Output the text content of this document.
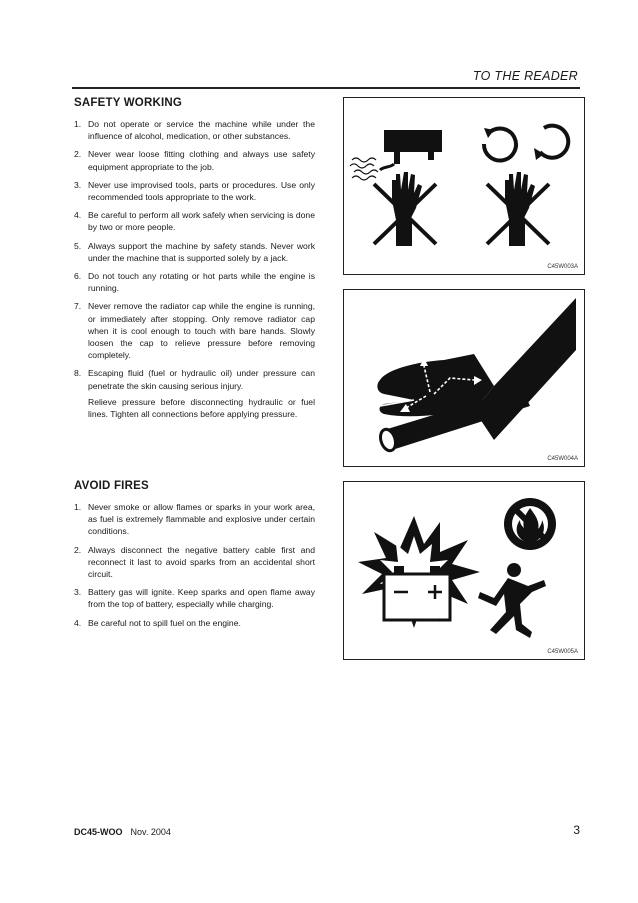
TO THE READER
SAFETY WORKING
1. Do not operate or service the machine while under the influence of alcohol, medication, or other substances.
2. Never wear loose fitting clothing and always use safety equipment appropriate to the job.
3. Never use improvised tools, parts or procedures. Use only recommended tools appropriate to the work.
4. Be careful to perform all work safely when servicing is done by two or more people.
5. Always support the machine by safety stands. Never work under the machine that is supported solely by a jack.
6. Do not touch any rotating or hot parts while the engine is running.
7. Never remove the radiator cap while the engine is running, or immediately after stopping. Only remove radiator cap when it is cool enough to touch with bare hands. Slowly loosen the cap to relieve pressure before removing completely.
8. Escaping fluid (fuel or hydraulic oil) under pressure can penetrate the skin causing serious injury.
Relieve pressure before disconnecting hydraulic or fuel lines. Tighten all connections before applying pressure.
AVOID FIRES
1. Never smoke or allow flames or sparks in your work area, as fuel is extremely flammable and explosive under certain conditions.
2. Always disconnect the negative battery cable first and reconnect it last to avoid sparks from an accidental short circuit.
3. Battery gas will ignite. Keep sparks and open flame away from the top of battery, especially while charging.
4. Be careful not to spill fuel on the engine.
C45W003A
C45W004A
C45W005A
DC45-WOO Nov. 2004	3
